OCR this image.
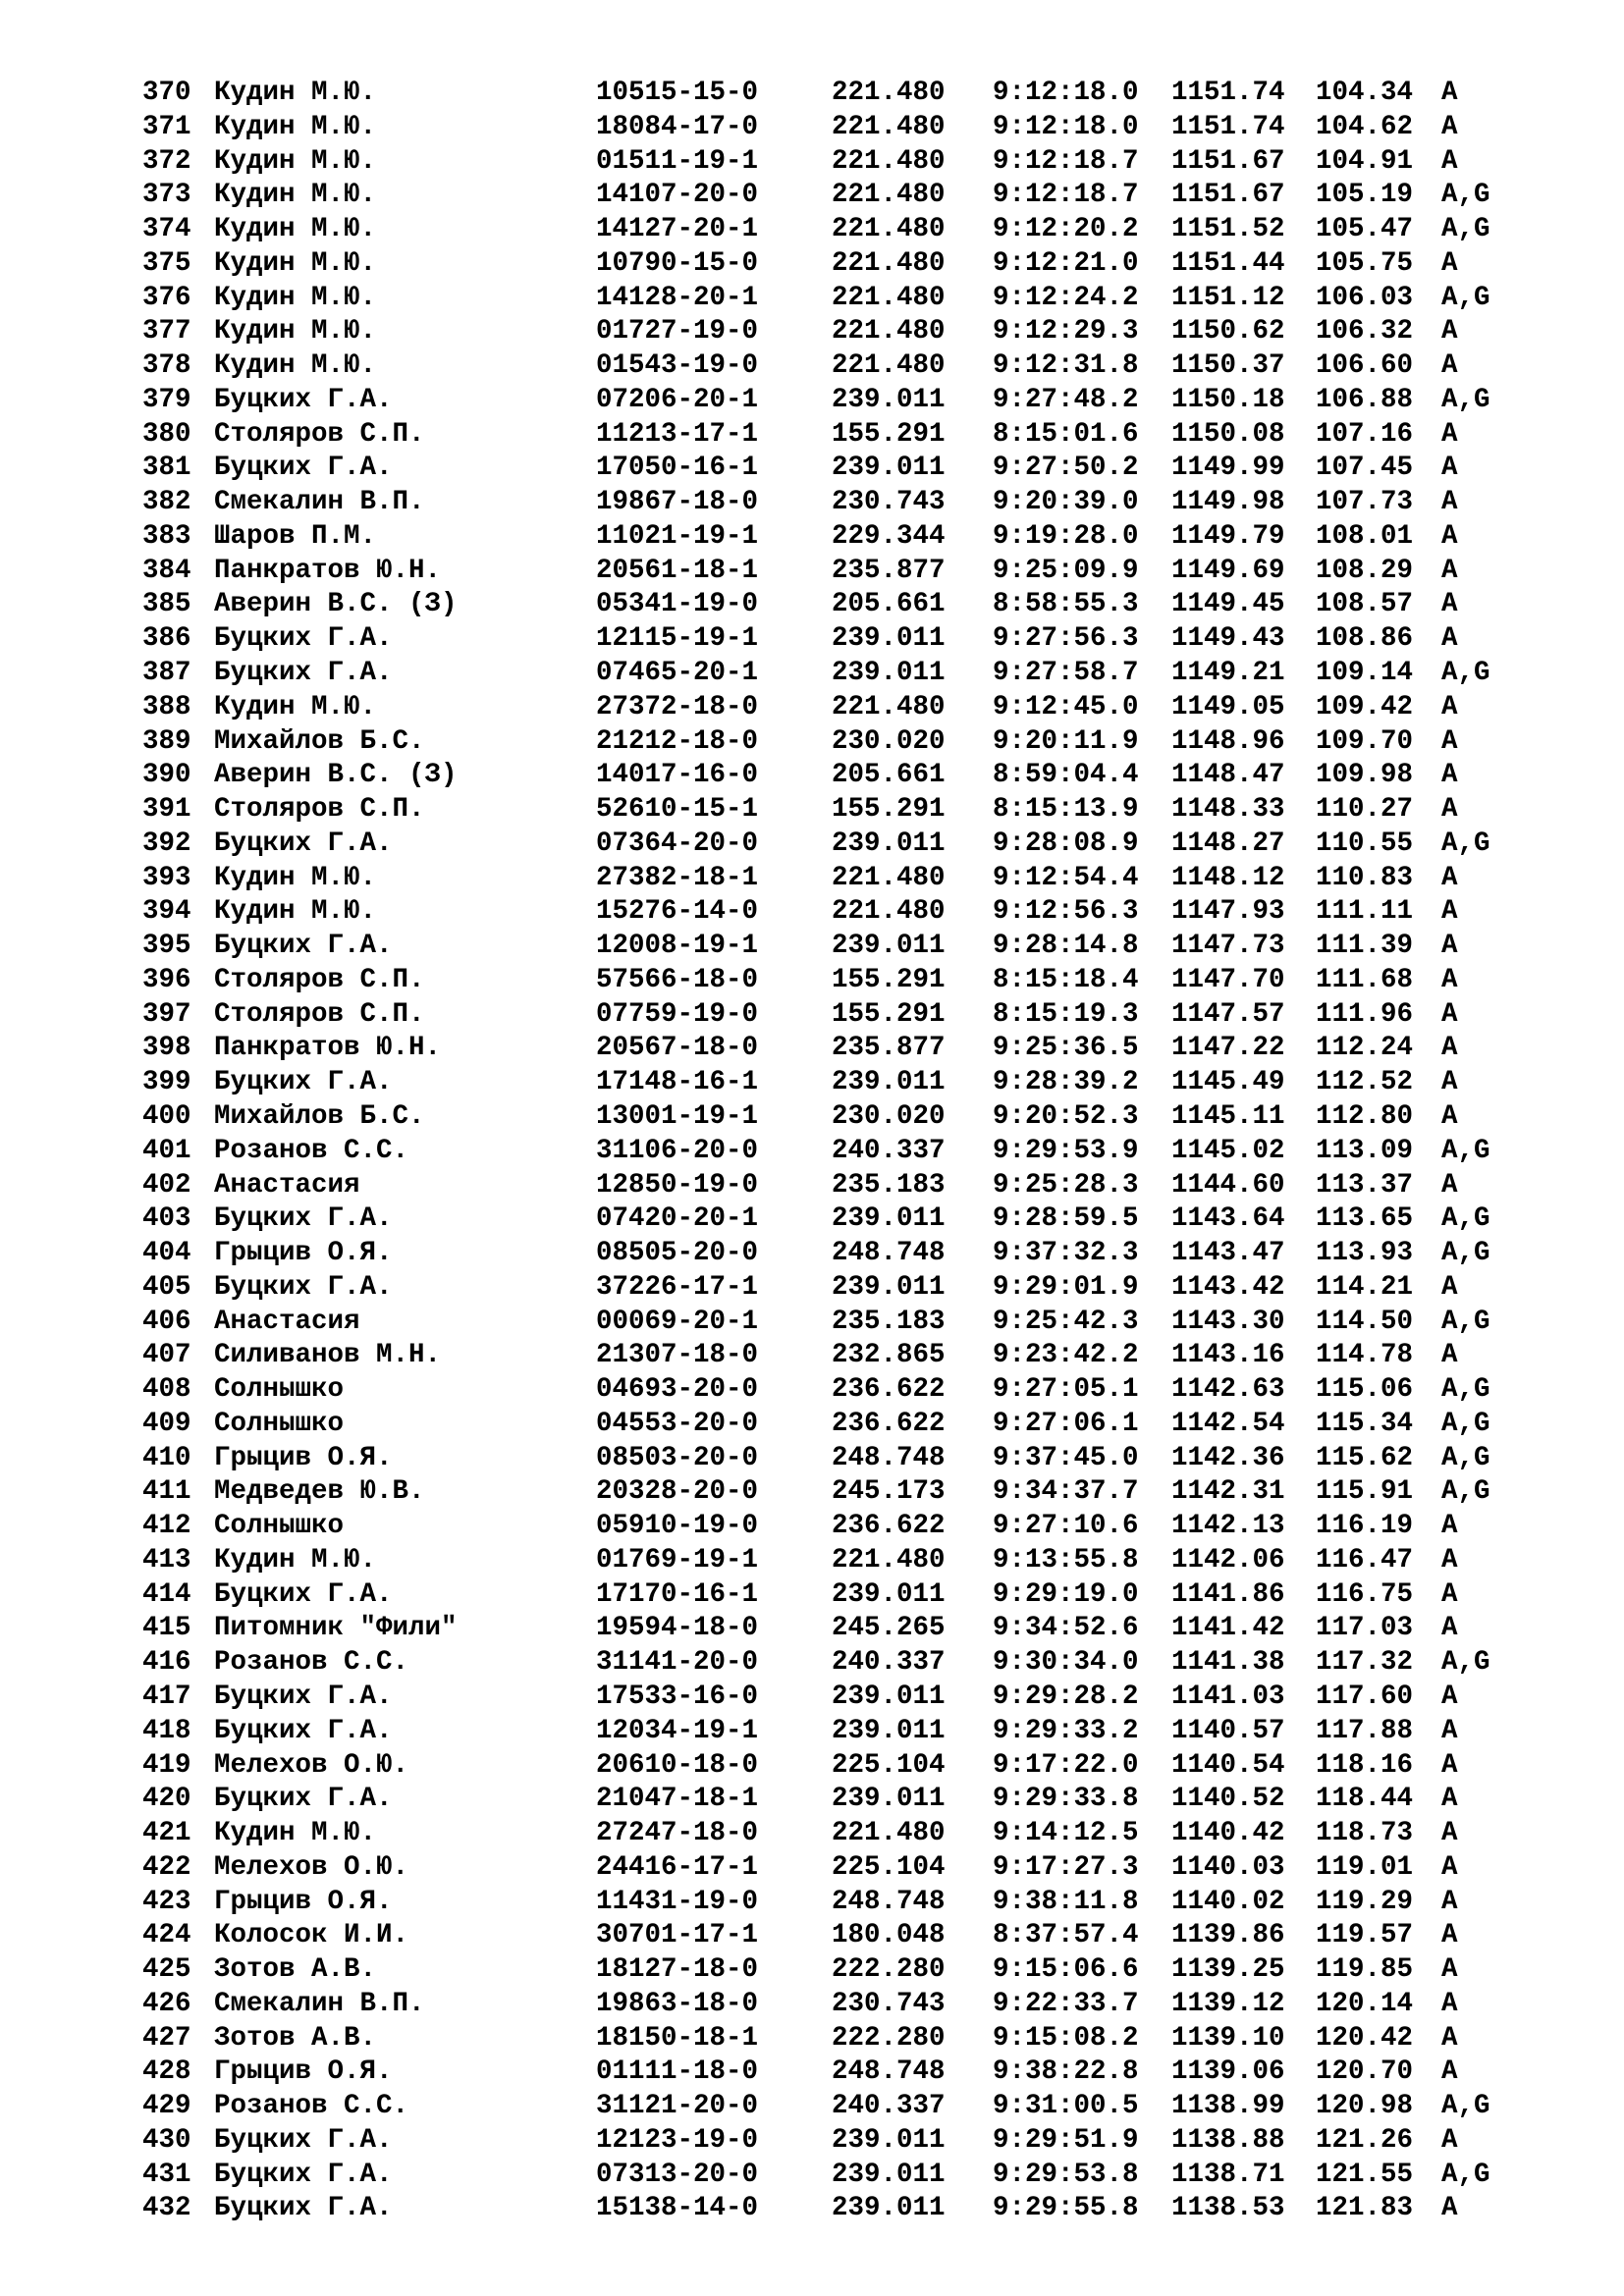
370 Кудин М.Ю.	10515-15-0	221.480 9:12:18.0 1151.74 104.34 A
371 Кудин М.Ю.	18084-17-0	221.480 9:12:18.0 1151.74 104.62 A
372 Кудин М.Ю.	01511-19-1	221.480 9:12:18.7 1151.67 104.91 A
373 Кудин М.Ю.	14107-20-0	221.480 9:12:18.7 1151.67 105.19 A,G
374 Кудин М.Ю.	14127-20-1	221.480 9:12:20.2 1151.52 105.47 A,G
375 Кудин М.Ю.	10790-15-0	221.480 9:12:21.0 1151.44 105.75 A
376 Кудин М.Ю.	14128-20-1	221.480 9:12:24.2 1151.12 106.03 A,G
377 Кудин М.Ю.	01727-19-0	221.480 9:12:29.3 1150.62 106.32 A
378 Кудин М.Ю.	01543-19-0	221.480 9:12:31.8 1150.37 106.60 A
379 Буцких Г.А.	07206-20-1	239.011 9:27:48.2 1150.18 106.88 A,G
380 Столяров С.П.	11213-17-1	155.291 8:15:01.6 1150.08 107.16 A
381 Буцких Г.А.	17050-16-1	239.011 9:27:50.2 1149.99 107.45 A
382 Смекалин В.П.	19867-18-0	230.743 9:20:39.0 1149.98 107.73 A
383 Шаров П.М.	11021-19-1	229.344 9:19:28.0 1149.79 108.01 A
384 Панкратов Ю.Н.	20561-18-1	235.877 9:25:09.9 1149.69 108.29 A
385 Аверин В.С. (З)	05341-19-0	205.661 8:58:55.3 1149.45 108.57 A
386 Буцких Г.А.	12115-19-1	239.011 9:27:56.3 1149.43 108.86 A
387 Буцких Г.А.	07465-20-1	239.011 9:27:58.7 1149.21 109.14 A,G
388 Кудин М.Ю.	27372-18-0	221.480 9:12:45.0 1149.05 109.42 A
389 Михайлов Б.С.	21212-18-0	230.020 9:20:11.9 1148.96 109.70 A
390 Аверин В.С. (З)	14017-16-0	205.661 8:59:04.4 1148.47 109.98 A
391 Столяров С.П.	52610-15-1	155.291 8:15:13.9 1148.33 110.27 A
392 Буцких Г.А.	07364-20-0	239.011 9:28:08.9 1148.27 110.55 A,G
393 Кудин М.Ю.	27382-18-1	221.480 9:12:54.4 1148.12 110.83 A
394 Кудин М.Ю.	15276-14-0	221.480 9:12:56.3 1147.93 111.11 A
395 Буцких Г.А.	12008-19-1	239.011 9:28:14.8 1147.73 111.39 A
396 Столяров С.П.	57566-18-0	155.291 8:15:18.4 1147.70 111.68 A
397 Столяров С.П.	07759-19-0	155.291 8:15:19.3 1147.57 111.96 A
398 Панкратов Ю.Н.	20567-18-0	235.877 9:25:36.5 1147.22 112.24 A
399 Буцких Г.А.	17148-16-1	239.011 9:28:39.2 1145.49 112.52 A
400 Михайлов Б.С.	13001-19-1	230.020 9:20:52.3 1145.11 112.80 A
401 Розанов С.С.	31106-20-0	240.337 9:29:53.9 1145.02 113.09 A,G
402 Анастасия	12850-19-0	235.183 9:25:28.3 1144.60 113.37 A
403 Буцких Г.А.	07420-20-1	239.011 9:28:59.5 1143.64 113.65 A,G
404 Грыцив О.Я.	08505-20-0	248.748 9:37:32.3 1143.47 113.93 A,G
405 Буцких Г.А.	37226-17-1	239.011 9:29:01.9 1143.42 114.21 A
406 Анастасия	00069-20-1	235.183 9:25:42.3 1143.30 114.50 A,G
407 Силиванов М.Н.	21307-18-0	232.865 9:23:42.2 1143.16 114.78 A
408 Солнышко	04693-20-0	236.622 9:27:05.1 1142.63 115.06 A,G
409 Солнышко	04553-20-0	236.622 9:27:06.1 1142.54 115.34 A,G
410 Грыцив О.Я.	08503-20-0	248.748 9:37:45.0 1142.36 115.62 A,G
411 Медведев Ю.В.	20328-20-0	245.173 9:34:37.7 1142.31 115.91 A,G
412 Солнышко	05910-19-0	236.622 9:27:10.6 1142.13 116.19 A
413 Кудин М.Ю.	01769-19-1	221.480 9:13:55.8 1142.06 116.47 A
414 Буцких Г.А.	17170-16-1	239.011 9:29:19.0 1141.86 116.75 A
415 Питомник "Фили"	19594-18-0	245.265 9:34:52.6 1141.42 117.03 A
416 Розанов С.С.	31141-20-0	240.337 9:30:34.0 1141.38 117.32 A,G
417 Буцких Г.А.	17533-16-0	239.011 9:29:28.2 1141.03 117.60 A
418 Буцких Г.А.	12034-19-1	239.011 9:29:33.2 1140.57 117.88 A
419 Мелехов О.Ю.	20610-18-0	225.104 9:17:22.0 1140.54 118.16 A
420 Буцких Г.А.	21047-18-1	239.011 9:29:33.8 1140.52 118.44 A
421 Кудин М.Ю.	27247-18-0	221.480 9:14:12.5 1140.42 118.73 A
422 Мелехов О.Ю.	24416-17-1	225.104 9:17:27.3 1140.03 119.01 A
423 Грыцив О.Я.	11431-19-0	248.748 9:38:11.8 1140.02 119.29 A
424 Колосок И.И.	30701-17-1	180.048 8:37:57.4 1139.86 119.57 A
425 Зотов А.В.	18127-18-0	222.280 9:15:06.6 1139.25 119.85 A
426 Смекалин В.П.	19863-18-0	230.743 9:22:33.7 1139.12 120.14 A
427 Зотов А.В.	18150-18-1	222.280 9:15:08.2 1139.10 120.42 A
428 Грыцив О.Я.	01111-18-0	248.748 9:38:22.8 1139.06 120.70 A
429 Розанов С.С.	31121-20-0	240.337 9:31:00.5 1138.99 120.98 A,G
430 Буцких Г.А.	12123-19-0	239.011 9:29:51.9 1138.88 121.26 A
431 Буцких Г.А.	07313-20-0	239.011 9:29:53.8 1138.71 121.55 A,G
432 Буцких Г.А.	15138-14-0	239.011 9:29:55.8 1138.53 121.83 A
